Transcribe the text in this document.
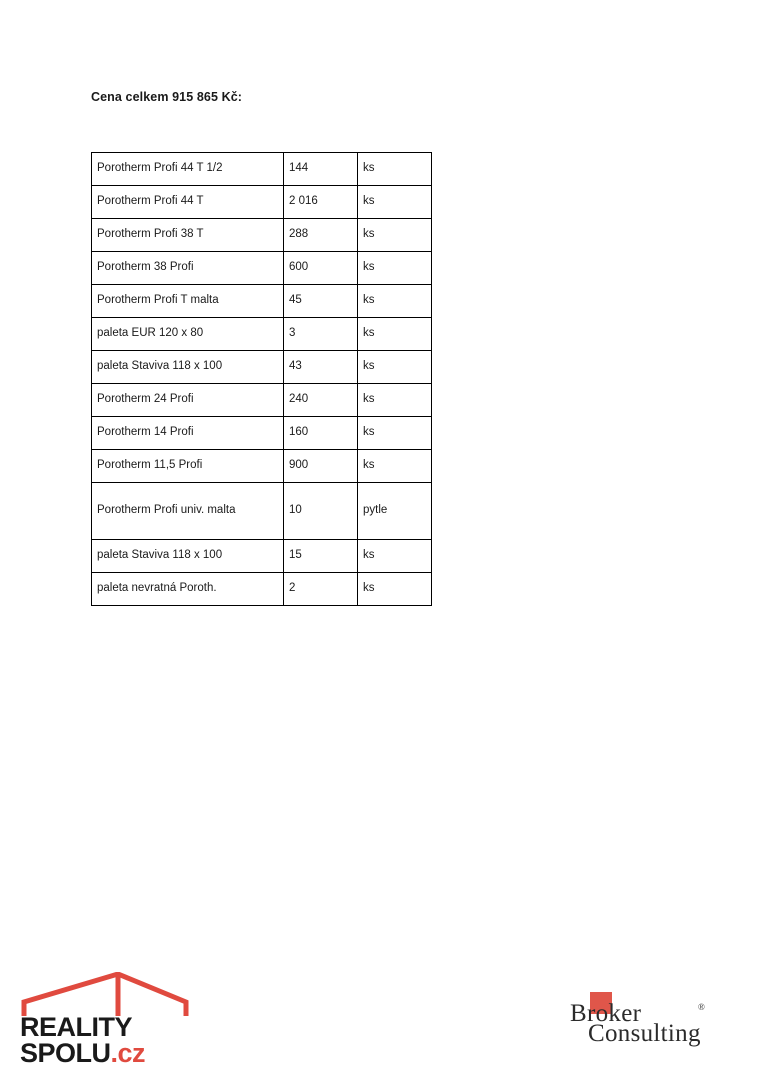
Cena celkem 915 865 Kč:
Porotherm Profi 44 T 1/2	144	ks
Porotherm Profi 44 T	2 016	ks
Porotherm Profi 38 T	288	ks
Porotherm 38 Profi	600	ks
Porotherm Profi T malta	45	ks
paleta EUR 120 x 80	3	ks
paleta Staviva 118 x 100	43	ks
Porotherm 24 Profi	240	ks
Porotherm 14 Profi	160	ks
Porotherm 11,5 Profi	900	ks
Porotherm Profi univ. malta	10	pytle
paleta Staviva 118 x 100	15	ks
paleta nevratná Poroth.	2	ks
REALITY
SPOLU.cz
Broker
Consulting
®
